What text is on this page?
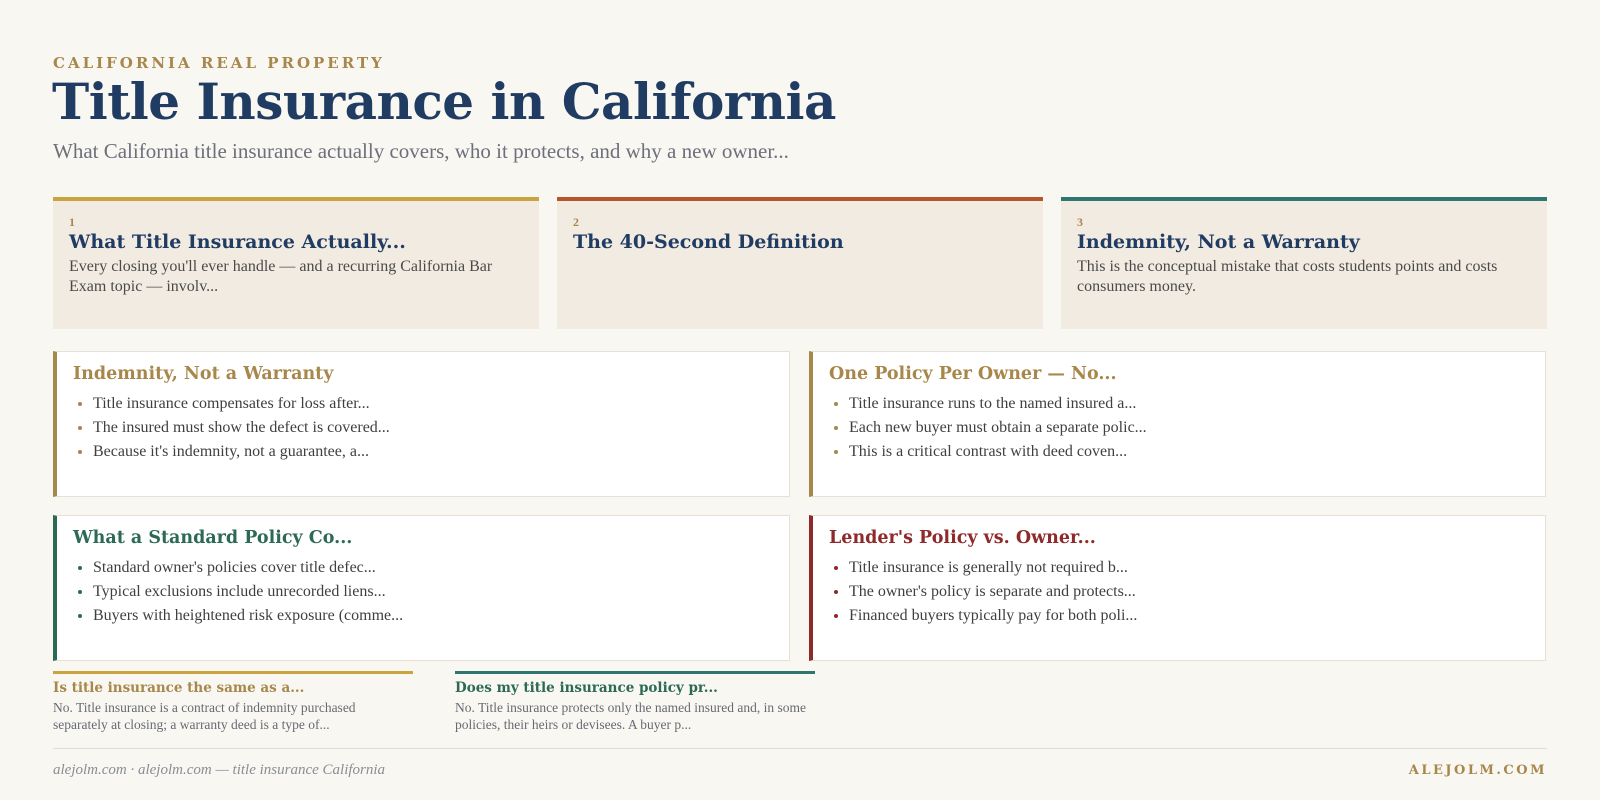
CALIFORNIA REAL PROPERTY
Title Insurance in California
What California title insurance actually covers, who it protects, and why a new owner...
1
What Title Insurance Actually...
Every closing you'll ever handle — and a recurring California Bar Exam topic — involv...
2
The 40-Second Definition
3
Indemnity, Not a Warranty
This is the conceptual mistake that costs students points and costs consumers money.
Indemnity, Not a Warranty
• Title insurance compensates for loss after...
• The insured must show the defect is covered...
• Because it's indemnity, not a guarantee, a...
One Policy Per Owner — No...
• Title insurance runs to the named insured a...
• Each new buyer must obtain a separate polic...
• This is a critical contrast with deed coven...
What a Standard Policy Co...
• Standard owner's policies cover title defec...
• Typical exclusions include unrecorded liens...
• Buyers with heightened risk exposure (comme...
Lender's Policy vs. Owner...
• Title insurance is generally not required b...
• The owner's policy is separate and protects...
• Financed buyers typically pay for both poli...
Is title insurance the same as a...
No. Title insurance is a contract of indemnity purchased separately at closing; a warranty deed is a type of...
Does my title insurance policy pr...
No. Title insurance protects only the named insured and, in some policies, their heirs or devisees. A buyer p...
alejolm.com · alejolm.com — title insurance California	ALEJOLM.COM
